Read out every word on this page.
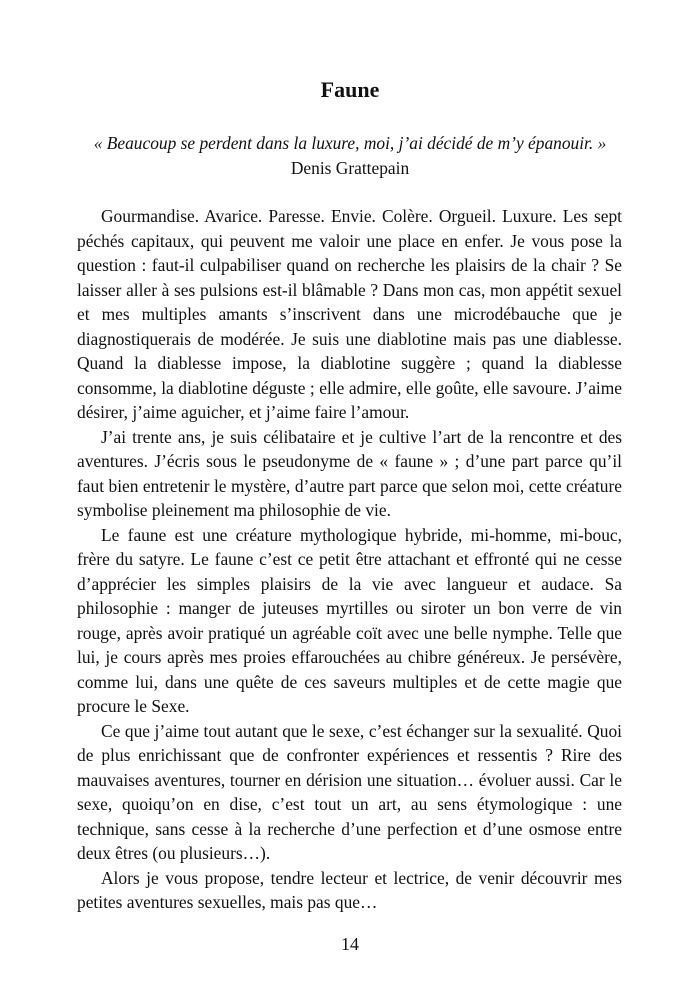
Faune
« Beaucoup se perdent dans la luxure, moi, j’ai décidé de m’y épanouir. »
Denis Grattepain

Gourmandise. Avarice. Paresse. Envie. Colère. Orgueil. Luxure. Les sept péchés capitaux, qui peuvent me valoir une place en enfer. Je vous pose la question : faut-il culpabiliser quand on recherche les plaisirs de la chair ? Se laisser aller à ses pulsions est-il blâmable ? Dans mon cas, mon appétit sexuel et mes multiples amants s’inscrivent dans une microdébauche que je diagnostiquerais de modérée. Je suis une diablotine mais pas une diablesse. Quand la diablesse impose, la diablotine suggère ; quand la diablesse consomme, la diablotine déguste ; elle admire, elle goûte, elle savoure. J’aime désirer, j’aime aguicher, et j’aime faire l’amour.

J’ai trente ans, je suis célibataire et je cultive l’art de la rencontre et des aventures. J’écris sous le pseudonyme de « faune » ; d’une part parce qu’il faut bien entretenir le mystère, d’autre part parce que selon moi, cette créature symbolise pleinement ma philosophie de vie.

Le faune est une créature mythologique hybride, mi-homme, mi-bouc, frère du satyre. Le faune c’est ce petit être attachant et effronté qui ne cesse d’apprécier les simples plaisirs de la vie avec langueur et audace. Sa philosophie : manger de juteuses myrtilles ou siroter un bon verre de vin rouge, après avoir pratiqué un agréable coït avec une belle nymphe. Telle que lui, je cours après mes proies effarouchées au chibre généreux. Je persévère, comme lui, dans une quête de ces saveurs multiples et de cette magie que procure le Sexe.

Ce que j’aime tout autant que le sexe, c’est échanger sur la sexualité. Quoi de plus enrichissant que de confronter expériences et ressentis ? Rire des mauvaises aventures, tourner en dérision une situation… évoluer aussi. Car le sexe, quoiqu’on en dise, c’est tout un art, au sens étymologique : une technique, sans cesse à la recherche d’une perfection et d’une osmose entre deux êtres (ou plusieurs…).

Alors je vous propose, tendre lecteur et lectrice, de venir découvrir mes petites aventures sexuelles, mais pas que…

14
